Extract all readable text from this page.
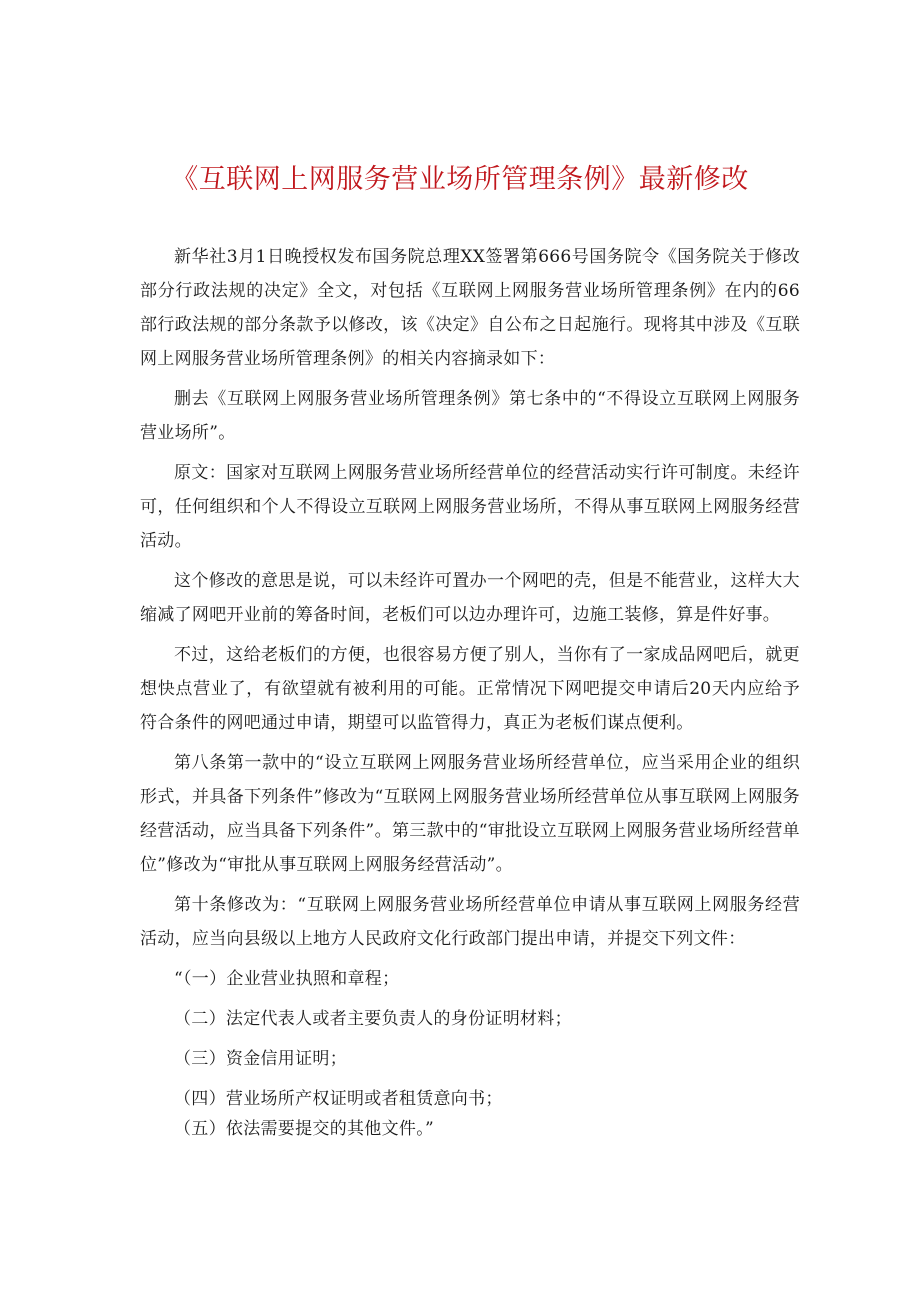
《互联网上网服务营业场所管理条例》最新修改

新华社3月1日晚授权发布国务院总理XX签署第666号国务院令《国务院关于修改部分行政法规的决定》全文，对包括《互联网上网服务营业场所管理条例》在内的66部行政法规的部分条款予以修改，该《决定》自公布之日起施行。现将其中涉及《互联网上网服务营业场所管理条例》的相关内容摘录如下：

删去《互联网上网服务营业场所管理条例》第七条中的“不得设立互联网上网服务营业场所”。

原文：国家对互联网上网服务营业场所经营单位的经营活动实行许可制度。未经许可，任何组织和个人不得设立互联网上网服务营业场所，不得从事互联网上网服务经营活动。

这个修改的意思是说，可以未经许可置办一个网吧的壳，但是不能营业，这样大大缩减了网吧开业前的筹备时间，老板们可以边办理许可，边施工装修，算是件好事。

不过，这给老板们的方便，也很容易方便了别人，当你有了一家成品网吧后，就更想快点营业了，有欲望就有被利用的可能。正常情况下网吧提交申请后20天内应给予符合条件的网吧通过申请，期望可以监管得力，真正为老板们谋点便利。

第八条第一款中的“设立互联网上网服务营业场所经营单位，应当采用企业的组织形式，并具备下列条件”修改为“互联网上网服务营业场所经营单位从事互联网上网服务经营活动，应当具备下列条件”。第三款中的“审批设立互联网上网服务营业场所经营单位”修改为“审批从事互联网上网服务经营活动”。

第十条修改为：“互联网上网服务营业场所经营单位申请从事互联网上网服务经营活动，应当向县级以上地方人民政府文化行政部门提出申请，并提交下列文件：

“（一）企业营业执照和章程；

（二）法定代表人或者主要负责人的身份证明材料；

（三）资金信用证明；

（四）营业场所产权证明或者租赁意向书；

（五）依法需要提交的其他文件。”
